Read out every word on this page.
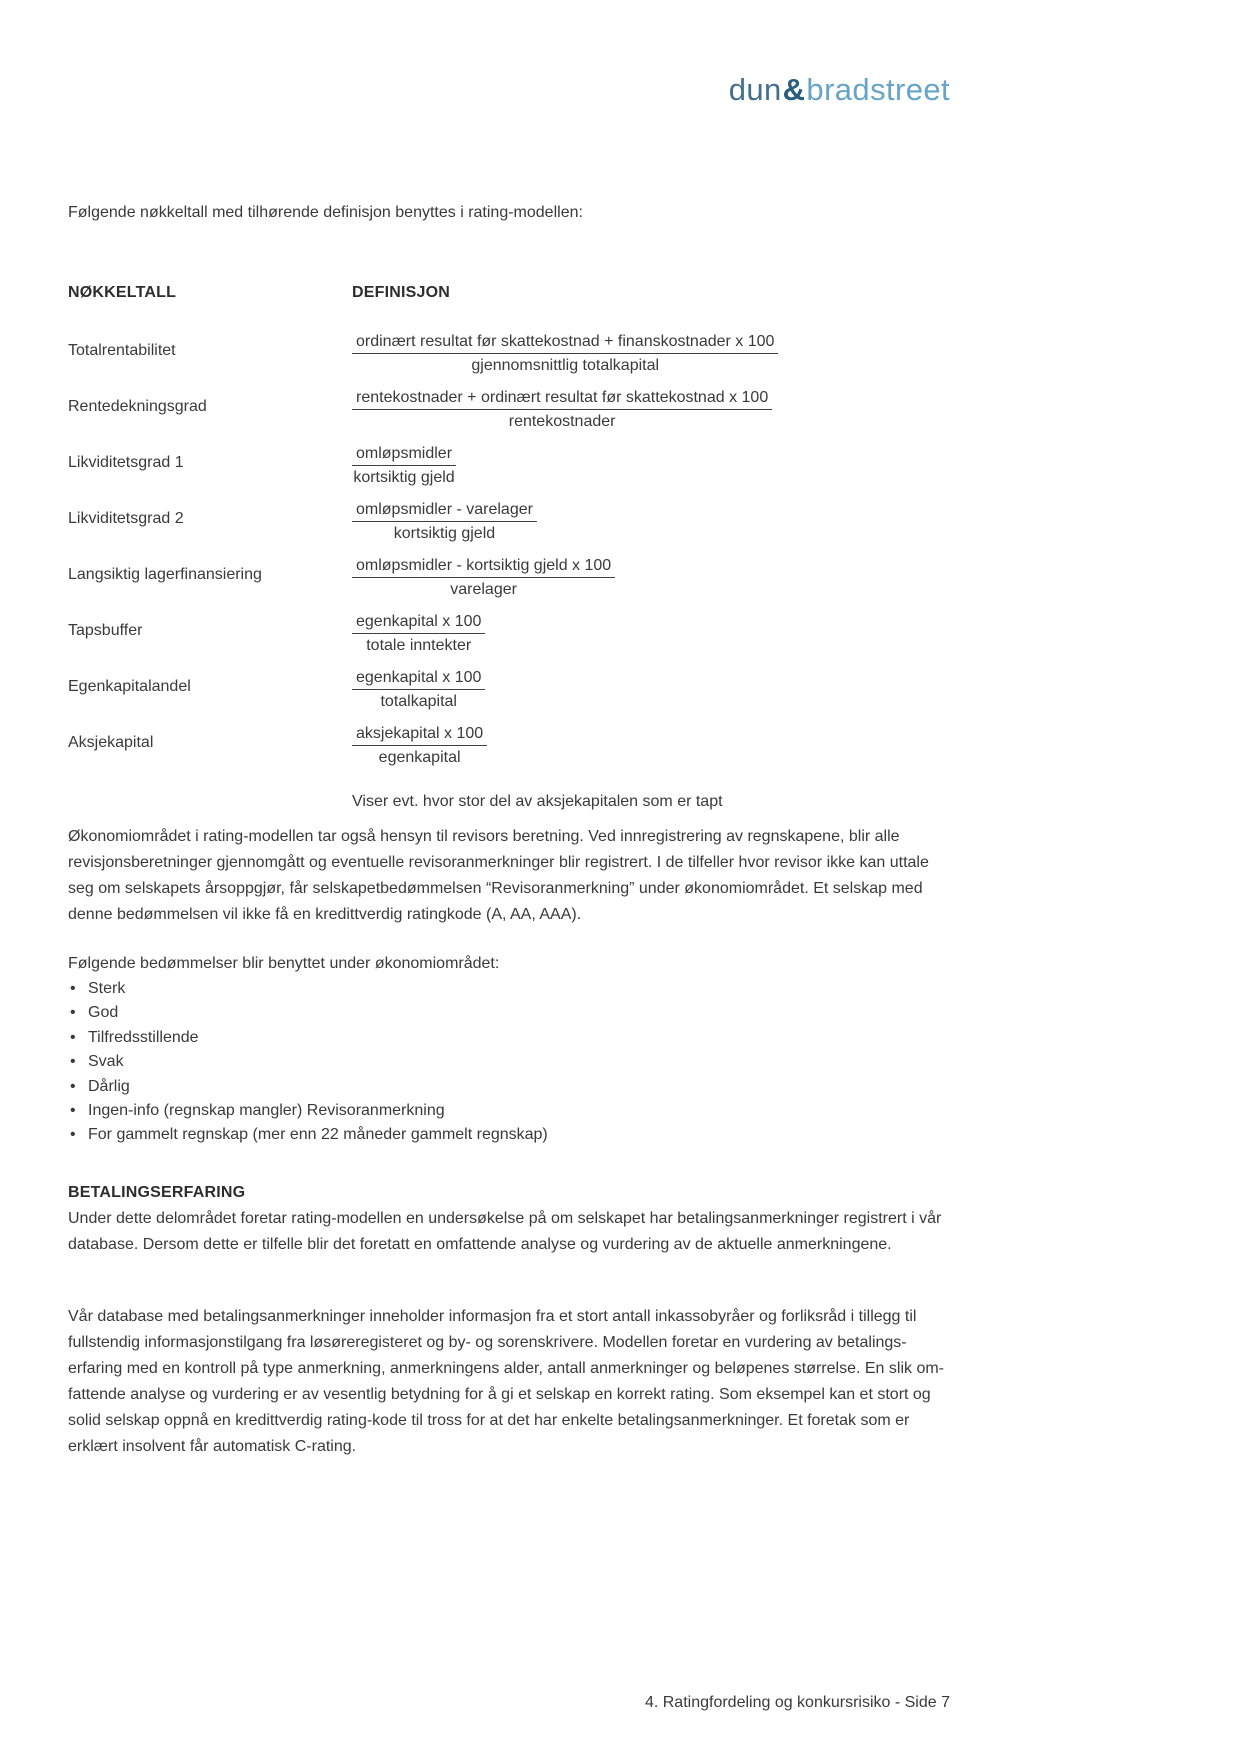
dun&bradstreet
Følgende nøkkeltall med tilhørende definisjon benyttes i rating-modellen:
NØKKELTALL	DEFINISJON
Totalrentabilitet	$\frac{\text{ordinært resultat før skattekostnad + finanskostnader x 100}}{\text{gjennomsnittlig totalkapital}}$
Rentedekningsgrad	$\frac{\text{rentekostnader + ordinært resultat før skattekostnad x 100}}{\text{rentekostnader}}$
Likviditetsgrad 1	$\frac{\text{omløpsmidler}}{\text{kortsiktig gjeld}}$
Likviditetsgrad 2	$\frac{\text{omløpsmidler - varelager}}{\text{kortsiktig gjeld}}$
Langsiktig lagerfinansiering	$\frac{\text{omløpsmidler - kortsiktig gjeld x 100}}{\text{varelager}}$
Tapsbuffer	$\frac{\text{egenkapital x 100}}{\text{totale inntekter}}$
Egenkapitalandel	$\frac{\text{egenkapital x 100}}{\text{totalkapital}}$
Aksjekapital	$\frac{\text{aksjekapital x 100}}{\text{egenkapital}}$
Viser evt. hvor stor del av aksjekapitalen som er tapt
Økonomiområdet i rating-modellen tar også hensyn til revisors beretning. Ved innregistrering av regnskapene, blir alle revisjonsberetninger gjennomgått og eventuelle revisoranmerkninger blir registrert. I de tilfeller hvor revisor ikke kan uttale seg om selskapets årsoppgjør, får selskapetbedømmelsen “Revisoranmerkning” under økonomiområdet. Et selskap med denne bedømmelsen vil ikke få en kredittverdig ratingkode (A, AA, AAA).
Følgende bedømmelser blir benyttet under økonomiområdet:
• Sterk
• God
• Tilfredsstillende
• Svak
• Dårlig
• Ingen-info (regnskap mangler) Revisoranmerkning
• For gammelt regnskap (mer enn 22 måneder gammelt regnskap)
BETALINGSERFARING
Under dette delområdet foretar rating-modellen en undersøkelse på om selskapet har betalingsanmerkninger registrert i vår database. Dersom dette er tilfelle blir det foretatt en omfattende analyse og vurdering av de aktuelle anmerkningene.
Vår database med betalingsanmerkninger inneholder informasjon fra et stort antall inkassobyråer og forliksråd i tillegg til fullstendig informasjonstilgang fra løsøreregisteret og by- og sorenskrivere. Modellen foretar en vurdering av betalings- erfaring med en kontroll på type anmerkning, anmerkningens alder, antall anmerkninger og beløpenes størrelse. En slik om- fattende analyse og vurdering er av vesentlig betydning for å gi et selskap en korrekt rating. Som eksempel kan et stort og solid selskap oppnå en kredittverdig rating-kode til tross for at det har enkelte betalingsanmerkninger. Et foretak som er erklært insolvent får automatisk C-rating.
4. Ratingfordeling og konkursrisiko - Side 7
